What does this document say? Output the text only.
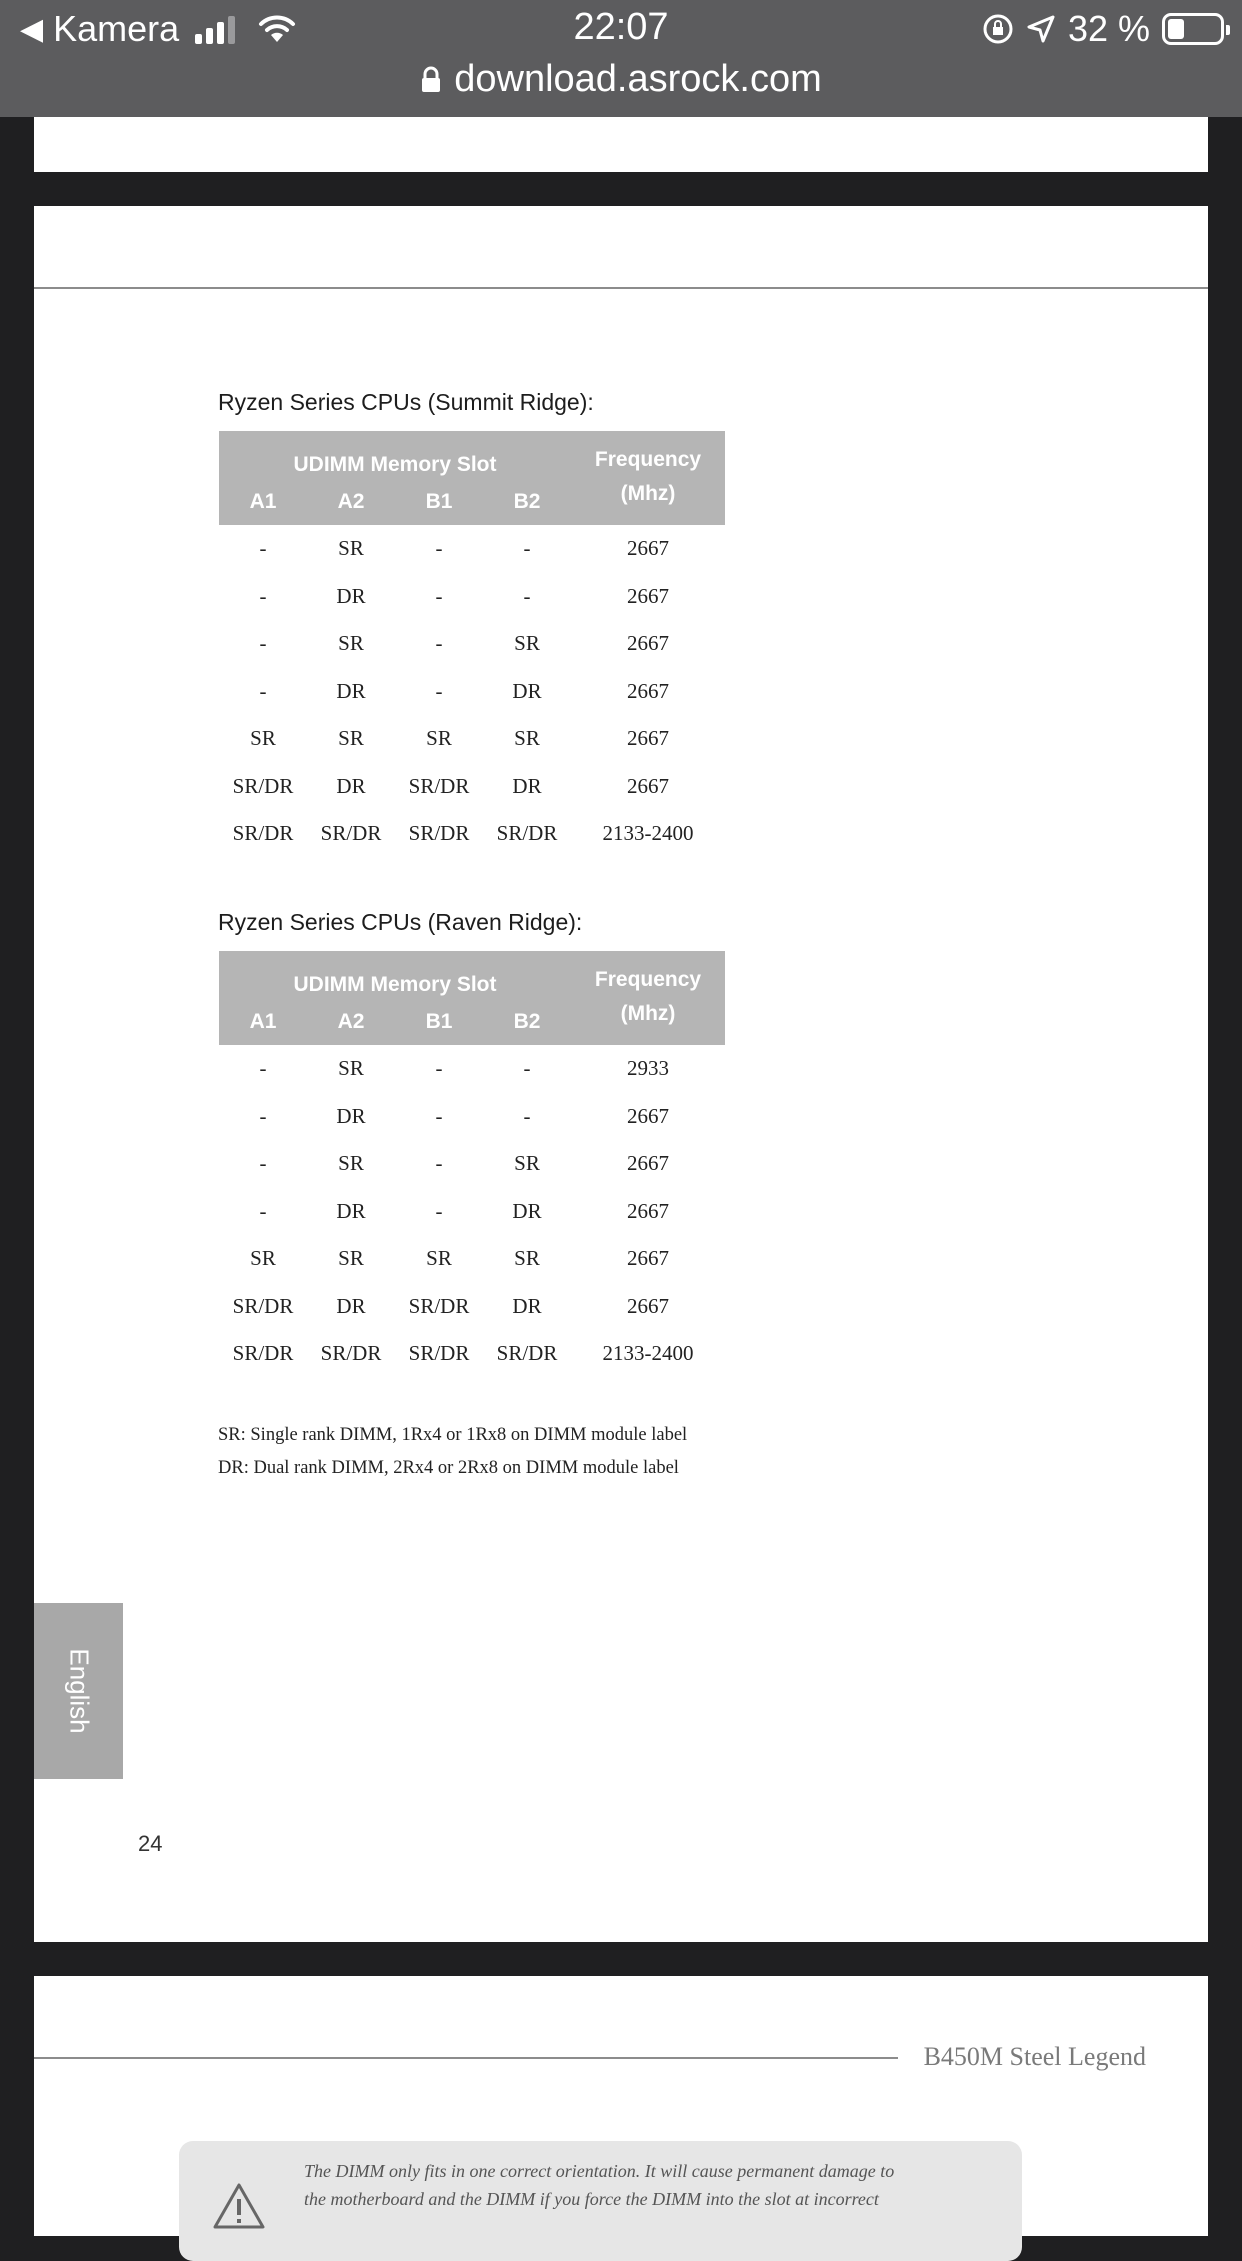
◀ Kamera	22:07	32 %
download.asrock.com
Ryzen Series CPUs (Summit Ridge):
UDIMM Memory Slot				Frequency
(Mhz)
A1	A2	B1	B2	
-	SR	-	-	2667
-	DR	-	-	2667
-	SR	-	SR	2667
-	DR	-	DR	2667
SR	SR	SR	SR	2667
SR/DR	DR	SR/DR	DR	2667
SR/DR	SR/DR	SR/DR	SR/DR	2133-2400
Ryzen Series CPUs (Raven Ridge):
UDIMM Memory Slot				Frequency
(Mhz)
A1	A2	B1	B2	
-	SR	-	-	2933
-	DR	-	-	2667
-	SR	-	SR	2667
-	DR	-	DR	2667
SR	SR	SR	SR	2667
SR/DR	DR	SR/DR	DR	2667
SR/DR	SR/DR	SR/DR	SR/DR	2133-2400
SR: Single rank DIMM, 1Rx4 or 1Rx8 on DIMM module label
DR: Dual rank DIMM, 2Rx4 or 2Rx8 on DIMM module label
English
24
B450M Steel Legend
The DIMM only fits in one correct orientation. It will cause permanent damage to
the motherboard and the DIMM if you force the DIMM into the slot at incorrect
